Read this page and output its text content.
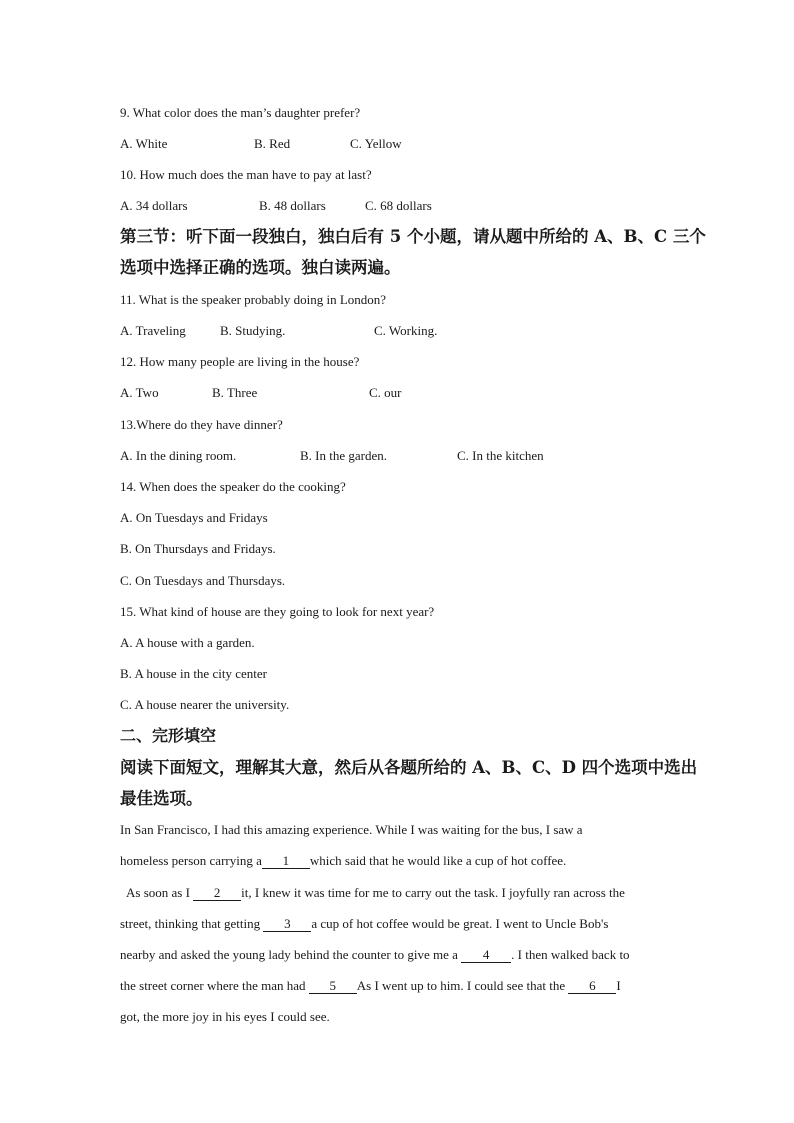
9. What color does the man’s daughter prefer?
A. White	B. Red	C. Yellow
10. How much does the man have to pay at last?
A. 34 dollars	B. 48 dollars	C. 68 dollars
第三节：听下面一段独白，独白后有 5 个小题，请从题中所给的 A、B、C 三个
选项中选择正确的选项。独白读两遍。
11. What is the speaker probably doing in London?
A. Traveling	B. Studying.	C. Working.
12. How many people are living in the house?
A. Two	B. Three	C. our
13.Where do they have dinner?
A. In the dining room.	B. In the garden.	C. In the kitchen
14. When does the speaker do the cooking?
A. On Tuesdays and Fridays
B. On Thursdays and Fridays.
C. On Tuesdays and Thursdays.
15. What kind of house are they going to look for next year?
A. A house with a garden.
B. A house in the city center
C. A house nearer the university.
二、完形填空
阅读下面短文，理解其大意，然后从各题所给的 A、B、C、D 四个选项中选出
最佳选项。
In San Francisco, I had this amazing experience. While I was waiting for the bus, I saw a
homeless person carrying a 1 which said that he would like a cup of hot coffee.
As soon as I 2 it, I knew it was time for me to carry out the task. I joyfully ran across the
street, thinking that getting 3 a cup of hot coffee would be great. I went to Uncle Bob's
nearby and asked the young lady behind the counter to give me a 4 . I then walked back to
the street corner where the man had 5 As I went up to him. I could see that the 6 I
got, the more joy in his eyes I could see.
